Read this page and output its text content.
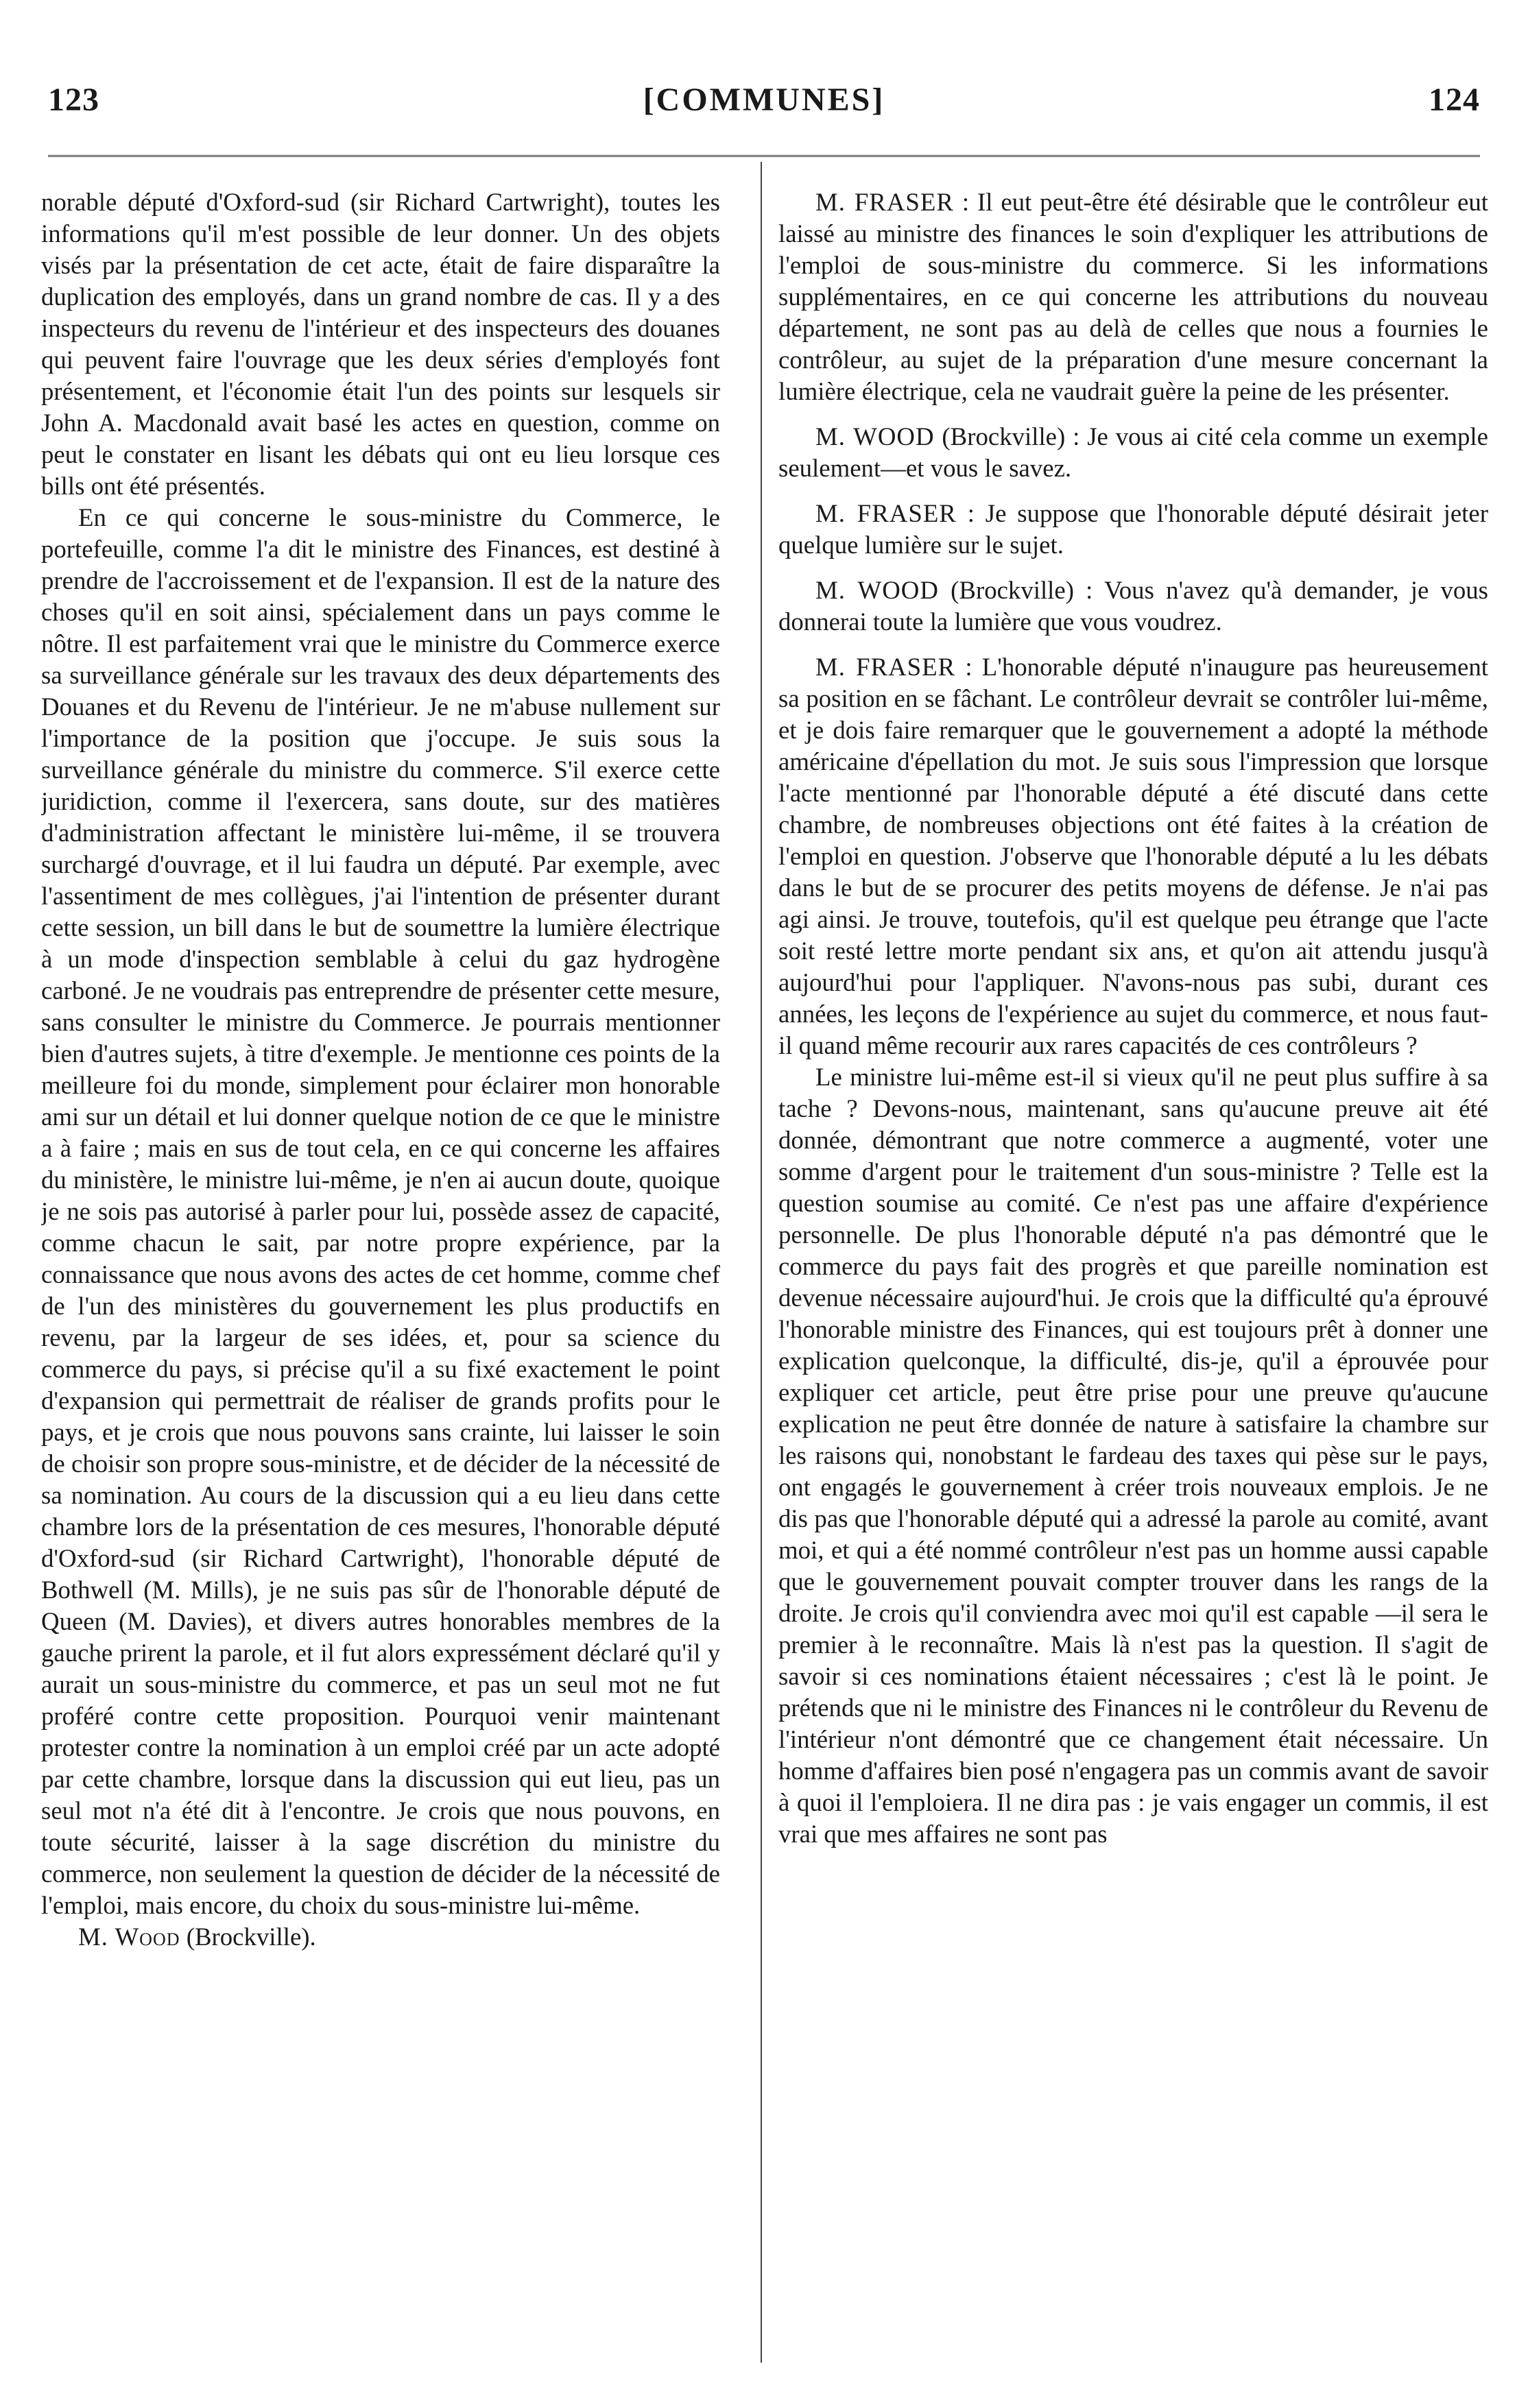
123	[COMMUNES]	124

norable député d'Oxford-sud (sir Richard Cartwright), toutes les informations qu'il m'est possible de leur donner. Un des objets visés par la présentation de cet acte, était de faire disparaître la duplication des employés, dans un grand nombre de cas. Il y a des inspecteurs du revenu de l'intérieur et des inspecteurs des douanes qui peuvent faire l'ouvrage que les deux séries d'employés font présentement, et l'économie était l'un des points sur lesquels sir John A. Macdonald avait basé les actes en question, comme on peut le constater en lisant les débats qui ont eu lieu lorsque ces bills ont été présentés.

En ce qui concerne le sous-ministre du Commerce, le portefeuille, comme l'a dit le ministre des Finances, est destiné à prendre de l'accroissement et de l'expansion. Il est de la nature des choses qu'il en soit ainsi, spécialement dans un pays comme le nôtre. Il est parfaitement vrai que le ministre du Commerce exerce sa surveillance générale sur les travaux des deux départements des Douanes et du Revenu de l'intérieur. Je ne m'abuse nullement sur l'importance de la position que j'occupe. Je suis sous la surveillance générale du ministre du commerce. S'il exerce cette juridiction, comme il l'exercera, sans doute, sur des matières d'administration affectant le ministère lui-même, il se trouvera surchargé d'ouvrage, et il lui faudra un député. Par exemple, avec l'assentiment de mes collègues, j'ai l'intention de présenter durant cette session, un bill dans le but de soumettre la lumière électrique à un mode d'inspection semblable à celui du gaz hydrogène carboné. Je ne voudrais pas entreprendre de présenter cette mesure, sans consulter le ministre du Commerce. Je pourrais mentionner bien d'autres sujets, à titre d'exemple. Je mentionne ces points de la meilleure foi du monde, simplement pour éclairer mon honorable ami sur un détail et lui donner quelque notion de ce que le ministre a à faire ; mais en sus de tout cela, en ce qui concerne les affaires du ministère, le ministre lui-même, je n'en ai aucun doute, quoique je ne sois pas autorisé à parler pour lui, possède assez de capacité, comme chacun le sait, par notre propre expérience, par la connaissance que nous avons des actes de cet homme, comme chef de l'un des ministères du gouvernement les plus productifs en revenu, par la largeur de ses idées, et, pour sa science du commerce du pays, si précise qu'il a su fixé exactement le point d'expansion qui permettrait de réaliser de grands profits pour le pays, et je crois que nous pouvons sans crainte, lui laisser le soin de choisir son propre sous-ministre, et de décider de la nécessité de sa nomination. Au cours de la discussion qui a eu lieu dans cette chambre lors de la présentation de ces mesures, l'honorable député d'Oxford-sud (sir Richard Cartwright), l'honorable député de Bothwell (M. Mills), je ne suis pas sûr de l'honorable député de Queen (M. Davies), et divers autres honorables membres de la gauche prirent la parole, et il fut alors expressément déclaré qu'il y aurait un sous-ministre du commerce, et pas un seul mot ne fut proféré contre cette proposition. Pourquoi venir maintenant protester contre la nomination à un emploi créé par un acte adopté par cette chambre, lorsque dans la discussion qui eut lieu, pas un seul mot n'a été dit à l'encontre. Je crois que nous pouvons, en toute sécurité, laisser à la sage discrétion du ministre du commerce, non seulement la question de décider de la nécessité de l'emploi, mais encore, du choix du sous-ministre lui-même.

M. Wood (Brockville).

M. FRASER : Il eut peut-être été désirable que le contrôleur eut laissé au ministre des finances le soin d'expliquer les attributions de l'emploi de sous-ministre du commerce. Si les informations supplémentaires, en ce qui concerne les attributions du nouveau département, ne sont pas au delà de celles que nous a fournies le contrôleur, au sujet de la préparation d'une mesure concernant la lumière électrique, cela ne vaudrait guère la peine de les présenter.

M. WOOD (Brockville) : Je vous ai cité cela comme un exemple seulement—et vous le savez.

M. FRASER : Je suppose que l'honorable député désirait jeter quelque lumière sur le sujet.

M. WOOD (Brockville) : Vous n'avez qu'à demander, je vous donnerai toute la lumière que vous voudrez.

M. FRASER : L'honorable député n'inaugure pas heureusement sa position en se fâchant. Le contrôleur devrait se contrôler lui-même, et je dois faire remarquer que le gouvernement a adopté la méthode américaine d'épellation du mot. Je suis sous l'impression que lorsque l'acte mentionné par l'honorable député a été discuté dans cette chambre, de nombreuses objections ont été faites à la création de l'emploi en question. J'observe que l'honorable député a lu les débats dans le but de se procurer des petits moyens de défense. Je n'ai pas agi ainsi. Je trouve, toutefois, qu'il est quelque peu étrange que l'acte soit resté lettre morte pendant six ans, et qu'on ait attendu jusqu'à aujourd'hui pour l'appliquer. N'avons-nous pas subi, durant ces années, les leçons de l'expérience au sujet du commerce, et nous faut-il quand même recourir aux rares capacités de ces contrôleurs ?

Le ministre lui-même est-il si vieux qu'il ne peut plus suffire à sa tache ? Devons-nous, maintenant, sans qu'aucune preuve ait été donnée, démontrant que notre commerce a augmenté, voter une somme d'argent pour le traitement d'un sous-ministre ? Telle est la question soumise au comité. Ce n'est pas une affaire d'expérience personnelle. De plus l'honorable député n'a pas démontré que le commerce du pays fait des progrès et que pareille nomination est devenue nécessaire aujourd'hui. Je crois que la difficulté qu'a éprouvé l'honorable ministre des Finances, qui est toujours prêt à donner une explication quelconque, la difficulté, dis-je, qu'il a éprouvée pour expliquer cet article, peut être prise pour une preuve qu'aucune explication ne peut être donnée de nature à satisfaire la chambre sur les raisons qui, nonobstant le fardeau des taxes qui pèse sur le pays, ont engagés le gouvernement à créer trois nouveaux emplois. Je ne dis pas que l'honorable député qui a adressé la parole au comité, avant moi, et qui a été nommé contrôleur n'est pas un homme aussi capable que le gouvernement pouvait compter trouver dans les rangs de la droite. Je crois qu'il conviendra avec moi qu'il est capable —il sera le premier à le reconnaître. Mais là n'est pas la question. Il s'agit de savoir si ces nominations étaient nécessaires ; c'est là le point. Je prétends que ni le ministre des Finances ni le contrôleur du Revenu de l'intérieur n'ont démontré que ce changement était nécessaire. Un homme d'affaires bien posé n'engagera pas un commis avant de savoir à quoi il l'emploiera. Il ne dira pas : je vais engager un commis, il est vrai que mes affaires ne sont pas
